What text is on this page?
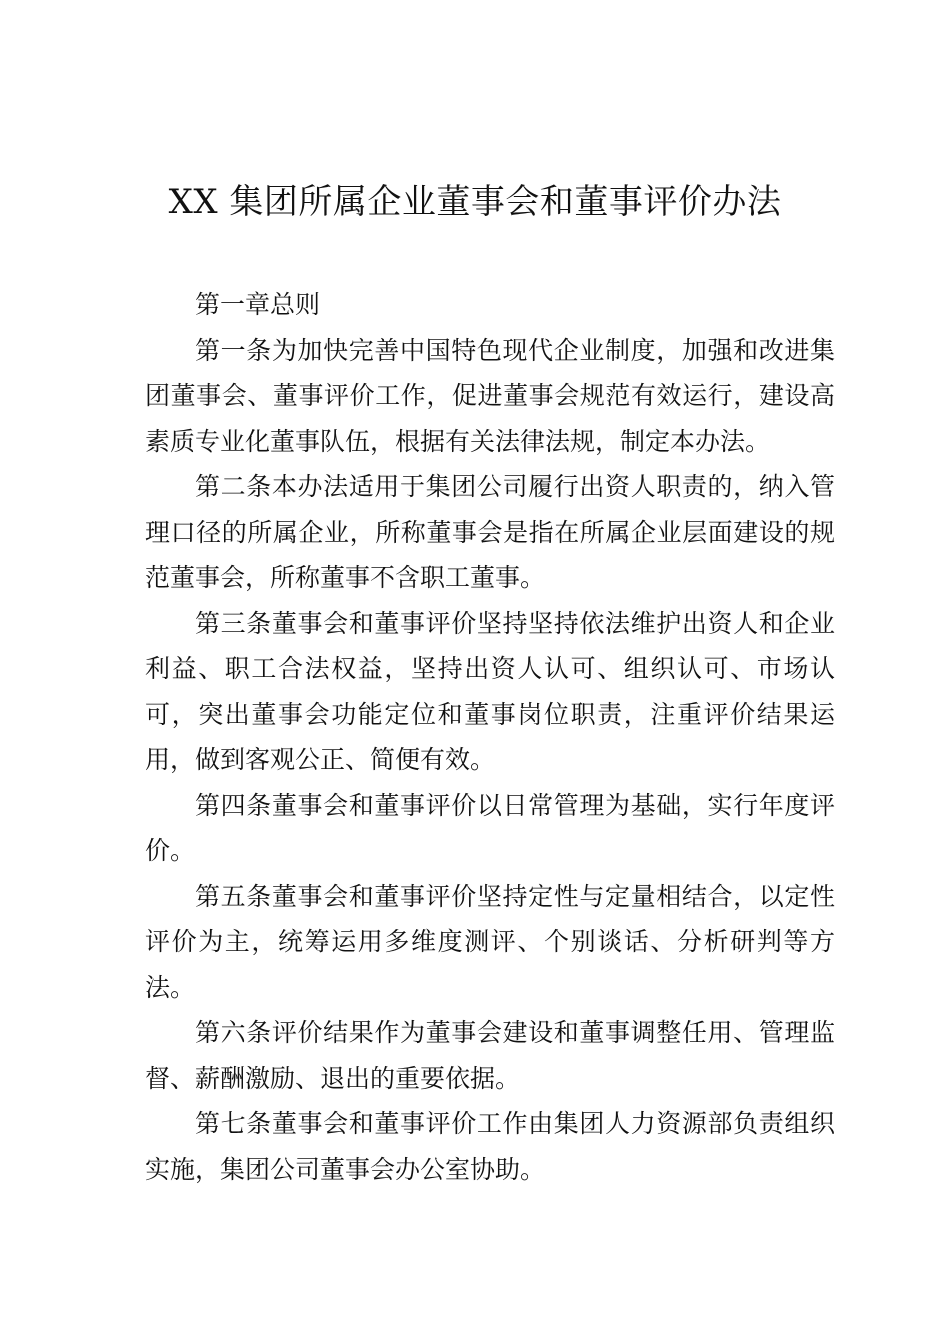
XX 集团所属企业董事会和董事评价办法

第一章总则

第一条为加快完善中国特色现代企业制度，加强和改进集团董事会、董事评价工作，促进董事会规范有效运行，建设高素质专业化董事队伍，根据有关法律法规，制定本办法。

第二条本办法适用于集团公司履行出资人职责的，纳入管理口径的所属企业，所称董事会是指在所属企业层面建设的规范董事会，所称董事不含职工董事。

第三条董事会和董事评价坚持坚持依法维护出资人和企业利益、职工合法权益，坚持出资人认可、组织认可、市场认可，突出董事会功能定位和董事岗位职责，注重评价结果运用，做到客观公正、简便有效。

第四条董事会和董事评价以日常管理为基础，实行年度评价。

第五条董事会和董事评价坚持定性与定量相结合，以定性评价为主，统筹运用多维度测评、个别谈话、分析研判等方法。

第六条评价结果作为董事会建设和董事调整任用、管理监督、薪酬激励、退出的重要依据。

第七条董事会和董事评价工作由集团人力资源部负责组织实施，集团公司董事会办公室协助。
